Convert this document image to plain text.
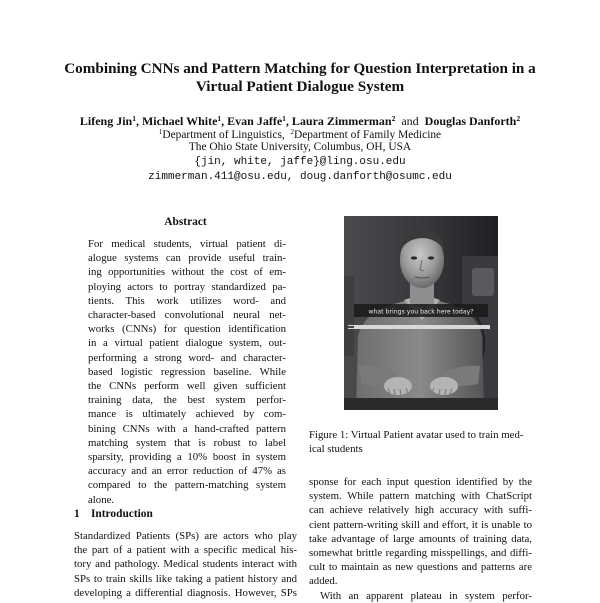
Combining CNNs and Pattern Matching for Question Interpretation in a
Virtual Patient Dialogue System
Lifeng Jin$^1$, Michael White$^1$, Evan Jaffe$^1$, Laura Zimmerman$^2$ and Douglas Danforth$^2$
$^1$Department of Linguistics, $^2$Department of Family Medicine
The Ohio State University, Columbus, OH, USA
{jin, white, jaffe}@ling.osu.edu
zimmerman.411@osu.edu, doug.danforth@osumc.edu
Abstract
For medical students, virtual patient di-
alogue systems can provide useful train-
ing opportunities without the cost of em-
ploying actors to portray standardized pa-
tients. This work utilizes word- and
character-based convolutional neural net-
works (CNNs) for question identification
in a virtual patient dialogue system, out-
performing a strong word- and character-
based logistic regression baseline. While
the CNNs perform well given sufficient
training data, the best system perfor-
mance is ultimately achieved by com-
bining CNNs with a hand-crafted pattern
matching system that is robust to label
sparsity, providing a 10% boost in system
accuracy and an error reduction of 47% as
compared to the pattern-matching system
alone.
1 Introduction
Standardized Patients (SPs) are actors who play
the part of a patient with a specific medical his-
tory and pathology. Medical students interact with
SPs to train skills like taking a patient history and
developing a differential diagnosis. However, SPs
what brings you back here today?
Figure 1: Virtual Patient avatar used to train med-
ical students
sponse for each input question identified by the
system. While pattern matching with ChatScript
can achieve relatively high accuracy with suffi-
cient pattern-writing skill and effort, it is unable to
take advantage of large amounts of training data,
somewhat brittle regarding misspellings, and diffi-
cult to maintain as new questions and patterns are
added.
With an apparent plateau in system perfor-
